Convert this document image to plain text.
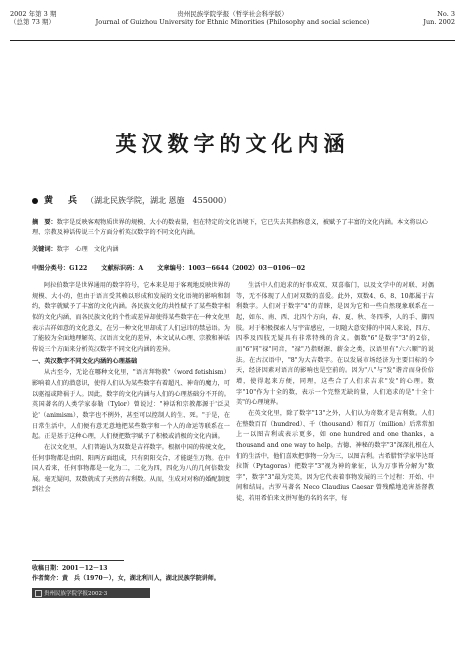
2002 年第 3 期
（总第 73 期）
贵州民族学院学报（哲学社会科学版）
Journal of Guizhou University for Ethnic Minorities (Philosophy and social science)
No. 3
Jun. 2002
英汉数字的文化内涵
黄　兵 （湖北民族学院，湖北 恩施　455000）
摘　要：数字是反映客观物质世界的规模、大小的数表量，但在特定的文化语境下，它已失去其指称意义，被赋予了丰富的文化内涵。本文将以心理、宗教及神话传说三个方面分析英汉数字的不同文化内涵。
关键词：数字　心理　文化内涵
中图分类号：G122 文献标识码：A 文章编号：1003－6644（2002）03－0106－02

阿拉伯数字是世界通用的数字符号，它本来是用于客观地反映世界的规模、大小的，但由于语言受其赖以形成和发展的文化语境的影响和制约，数字就赋予了丰富的文化内涵。各民族文化的共性赋予了某些数字相似的文化内涵，而各民族文化的个性或差异却使得某些数字在一种文化里表示吉祥如意的文化意义，在另一种文化里却成了人们忌讳的禁忌语。为了能较为全面地理解英、汉语言文化的差异，本文试从心理、宗教和神话传说三个方面来分析英汉数字不同文化内涵的差异。

一、英汉数字不同文化内涵的心理基础

从古至今，无论在哪种文化里，"语言拜物教"（word fetishism）影响着人们的潜意识，使得人们认为某些数字有着超凡、神奇的魔力，可以驱福或降祸于人。因此，数字的文化内涵与人们的心理基础分不开的。英国著名的人类学家泰勒（Tylor）曾说过："神话和宗教都源于'泛灵论'（animism），数字也不例外，甚至可以控制人的生、死。"于是，在日常生活中，人们便有意无意地把某些数字和一个人的命运等联系在一起。正是基于这种心理，人们便把数字赋予了积极或消极的文化内涵。

在汉文化里，人们普遍认为双数是吉祥数字。根据中国的传统文化，任何事物都是由阴、阳两方面组成，只有阴阳交合，才能诞生万物。在中国人看来，任何事物都是一化为二，二化为四，四化为八的几何倍数发展。毫无疑问，双数就成了天然的吉利数。从而，生成对对称的婚配制度到社会

生活中人们追求的好事成双、双喜临门，以及文学中的对联、对偶等，无不体现了人们对双数的喜爱。此外，双数4、6、8、10都属于吉利数字。人们对于数字"4"的青睐，是因为它和一些自然现象联系在一起，如东、南、西、北四个方向，春、夏、秋、冬四季，人的手、脚四肢。对于积极探索人与宇宙感应，一切随大意安排的中国人来说，四方、四季及四肢无疑具有非常特殊的含义。偶数"6"是数字"3"的2倍，而"6"同"禄"同音，"禄"乃指财源、薪金之类，汉语里有"六六顺"的说法。在古汉语中，"8"为大吉数字。在以发展市场经济为主要目标的今天，经济因素对语言的影响也是空前的。因为"八"与"发"谐音而身价倍增，使得起来方便，同理，这些合了人们求吉求"发"的心理。数字"10"作为十全的数，表示一个完整无缺的量，人们追求的是"十全十美"的心理境界。

在英文化里，除了数字"13"之外，人们认为奇数才是吉利数。人们在整数百百（hundred）、千（thousand）和百万（million）后常常加上一以图吉利或表示更多，如 one hundred and one thanks，a thousand and one way to help。古德、神秘的数字"3"深深扎根在人们的生活中，他们喜欢把事物一分为三，以图吉利。古希腊哲学家毕达哥拉斯（Pytagoras）把数字"3"视为神的象征，认为万事皆分解为"数字"，数字"3"最为完美，因为它代表着事物发展的三个过程：开始、中间和结局。古罗马著名 Neco Claudius Caesar 曾残酷地追害基督教徒，若用希伯来文拼写他的名的名字，每

收稿日期：2001－12－13
作者简介：黄　兵（1970－），女，湖北利川人，湖北民族学院讲师。
贵州民族学院学报2002·3
